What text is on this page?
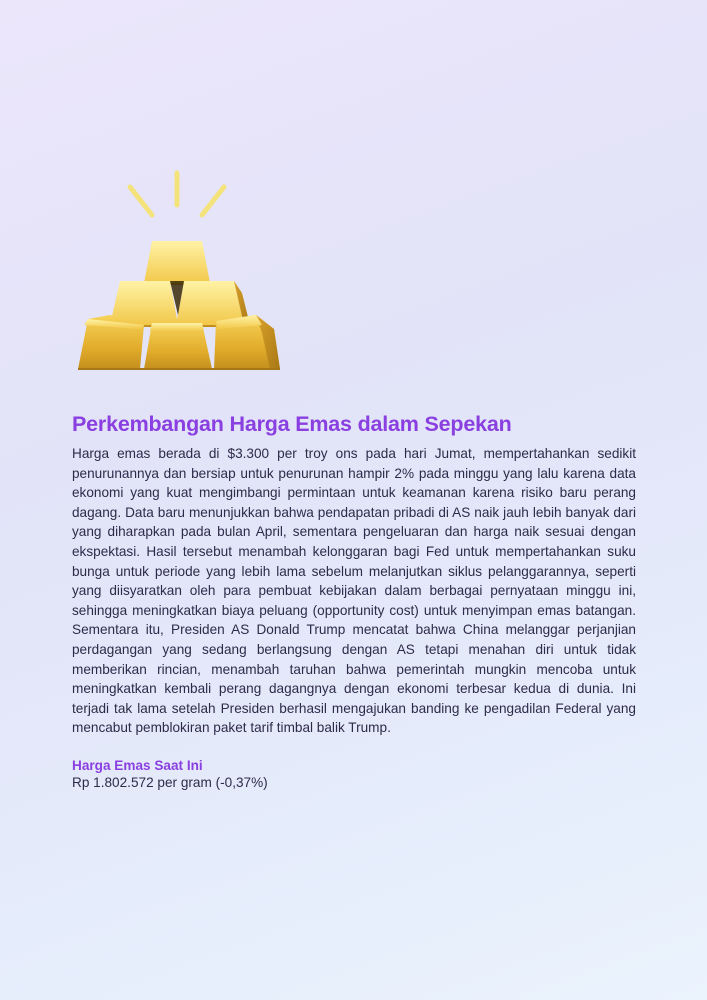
Perkembangan Harga Emas dalam Sepekan

Harga emas berada di $3.300 per troy ons pada hari Jumat, mempertahankan sedikit penurunannya dan bersiap untuk penurunan hampir 2% pada minggu yang lalu karena data ekonomi yang kuat mengimbangi permintaan untuk keamanan karena risiko baru perang dagang. Data baru menunjukkan bahwa pendapatan pribadi di AS naik jauh lebih banyak dari yang diharapkan pada bulan April, sementara pengeluaran dan harga naik sesuai dengan ekspektasi. Hasil tersebut menambah kelonggaran bagi Fed untuk mempertahankan suku bunga untuk periode yang lebih lama sebelum melanjutkan siklus pelanggarannya, seperti yang diisyaratkan oleh para pembuat kebijakan dalam berbagai pernyataan minggu ini, sehingga meningkatkan biaya peluang (opportunity cost) untuk menyimpan emas batangan. Sementara itu, Presiden AS Donald Trump mencatat bahwa China melanggar perjanjian perdagangan yang sedang berlangsung dengan AS tetapi menahan diri untuk tidak memberikan rincian, menambah taruhan bahwa pemerintah mungkin mencoba untuk meningkatkan kembali perang dagangnya dengan ekonomi terbesar kedua di dunia. Ini terjadi tak lama setelah Presiden berhasil mengajukan banding ke pengadilan Federal yang mencabut pemblokiran paket tarif timbal balik Trump.

Harga Emas Saat Ini
Rp 1.802.572 per gram (-0,37%)
